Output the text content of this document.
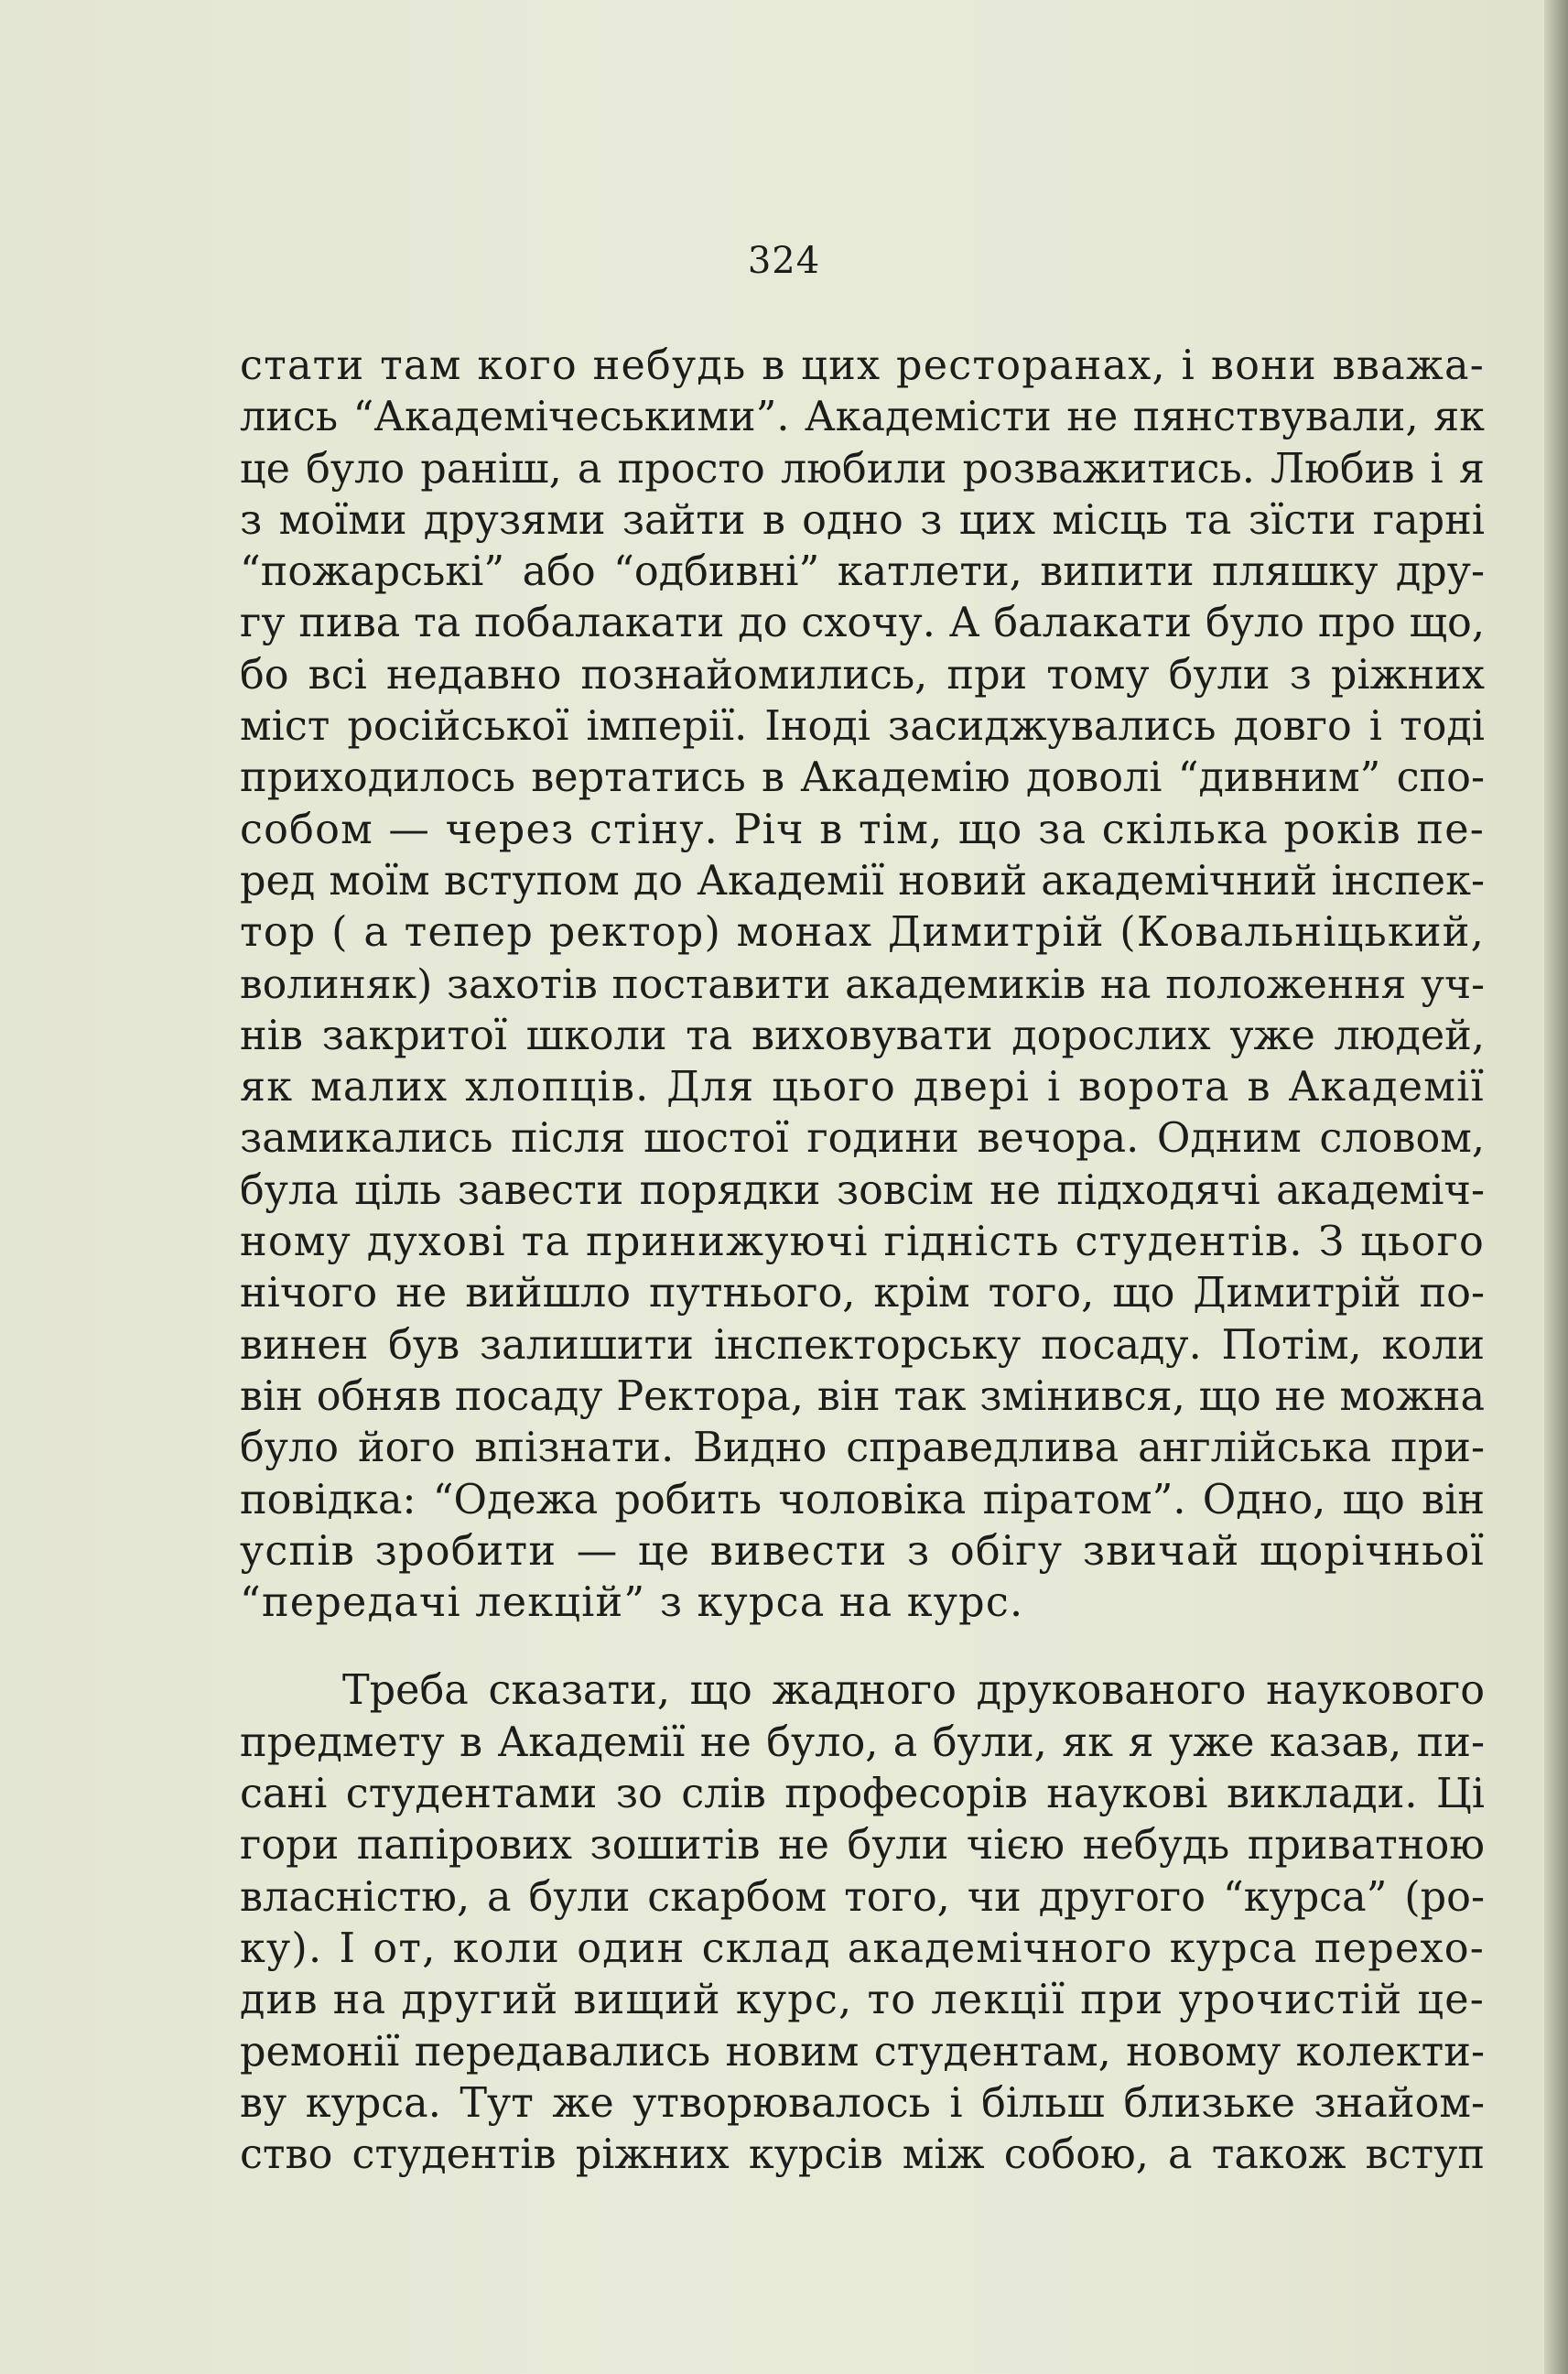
324
стати там кого небудь в цих ресторанах, і вони вважа-
лись “Академічеськими”. Академісти не пянствували, як
це було раніш, а просто любили розважитись. Любив і я
з моїми друзями зайти в одно з цих місць та зїсти гарні
“пожарські” або “одбивні” катлети, випити пляшку дру-
гу пива та побалакати до схочу. А балакати було про що,
бо всі недавно познайомились, при тому були з ріжних
міст російської імперії. Іноді засиджувались довго і тоді
приходилось вертатись в Академію доволі “дивним” спо-
собом — через стіну. Річ в тім, що за скілька років пе-
ред моїм вступом до Академії новий академічний інспек-
тор ( а тепер ректор) монах Димитрій (Ковальніцький,
волиняк) захотів поставити академиків на положення уч-
нів закритої школи та виховувати дорослих уже людей,
як малих хлопців. Для цього двері і ворота в Академії
замикались після шостої години вечора. Одним словом,
була ціль завести порядки зовсім не підходячі академіч-
ному духові та принижуючі гідність студентів. З цього
нічого не вийшло путнього, крім того, що Димитрій по-
винен був залишити інспекторську посаду. Потім, коли
він обняв посаду Ректора, він так змінився, що не можна
було його впізнати. Видно справедлива англійська при-
повідка: “Одежа робить чоловіка піратом”. Одно, що він
успів зробити — це вивести з обігу звичай щорічньої
“передачі лекцій” з курса на курс.
Треба сказати, що жадного друкованого наукового
предмету в Академії не було, а були, як я уже казав, пи-
сані студентами зо слів професорів наукові виклади. Ці
гори папірових зошитів не були чією небудь приватною
власністю, а були скарбом того, чи другого “курса” (ро-
ку). І от, коли один склад академічного курса перехо-
див на другий вищий курс, то лекції при урочистій це-
ремонії передавались новим студентам, новому колекти-
ву курса. Тут же утворювалось і більш близьке знайом-
ство студентів ріжних курсів між собою, а також вступ
